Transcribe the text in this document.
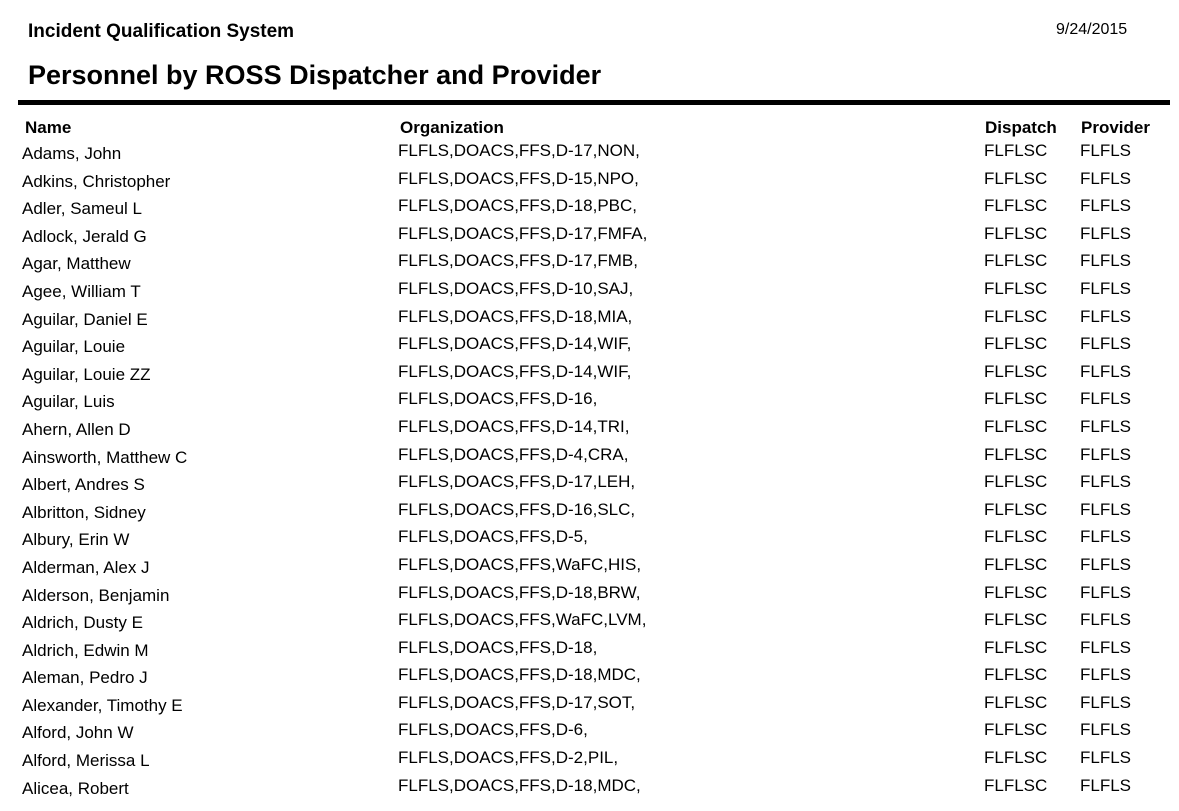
Incident Qualification System	9/24/2015
Personnel by ROSS Dispatcher and Provider
Name	Organization	Dispatch Provider
Adams, John	FLFLS,DOACS,FFS,D-17,NON,	FLFLSC FLFLS
Adkins, Christopher	FLFLS,DOACS,FFS,D-15,NPO,	FLFLSC FLFLS
Adler, Sameul L	FLFLS,DOACS,FFS,D-18,PBC,	FLFLSC FLFLS
Adlock, Jerald G	FLFLS,DOACS,FFS,D-17,FMFA,	FLFLSC FLFLS
Agar, Matthew	FLFLS,DOACS,FFS,D-17,FMB,	FLFLSC FLFLS
Agee, William T	FLFLS,DOACS,FFS,D-10,SAJ,	FLFLSC FLFLS
Aguilar, Daniel E	FLFLS,DOACS,FFS,D-18,MIA,	FLFLSC FLFLS
Aguilar, Louie	FLFLS,DOACS,FFS,D-14,WIF,	FLFLSC FLFLS
Aguilar, Louie ZZ	FLFLS,DOACS,FFS,D-14,WIF,	FLFLSC FLFLS
Aguilar, Luis	FLFLS,DOACS,FFS,D-16,	FLFLSC FLFLS
Ahern, Allen D	FLFLS,DOACS,FFS,D-14,TRI,	FLFLSC FLFLS
Ainsworth, Matthew C	FLFLS,DOACS,FFS,D-4,CRA,	FLFLSC FLFLS
Albert, Andres S	FLFLS,DOACS,FFS,D-17,LEH,	FLFLSC FLFLS
Albritton, Sidney	FLFLS,DOACS,FFS,D-16,SLC,	FLFLSC FLFLS
Albury, Erin W	FLFLS,DOACS,FFS,D-5,	FLFLSC FLFLS
Alderman, Alex J	FLFLS,DOACS,FFS,WaFC,HIS,	FLFLSC FLFLS
Alderson, Benjamin	FLFLS,DOACS,FFS,D-18,BRW,	FLFLSC FLFLS
Aldrich, Dusty E	FLFLS,DOACS,FFS,WaFC,LVM,	FLFLSC FLFLS
Aldrich, Edwin M	FLFLS,DOACS,FFS,D-18,	FLFLSC FLFLS
Aleman, Pedro J	FLFLS,DOACS,FFS,D-18,MDC,	FLFLSC FLFLS
Alexander, Timothy E	FLFLS,DOACS,FFS,D-17,SOT,	FLFLSC FLFLS
Alford, John W	FLFLS,DOACS,FFS,D-6,	FLFLSC FLFLS
Alford, Merissa L	FLFLS,DOACS,FFS,D-2,PIL,	FLFLSC FLFLS
Alicea, Robert	FLFLS,DOACS,FFS,D-18,MDC,	FLFLSC FLFLS
